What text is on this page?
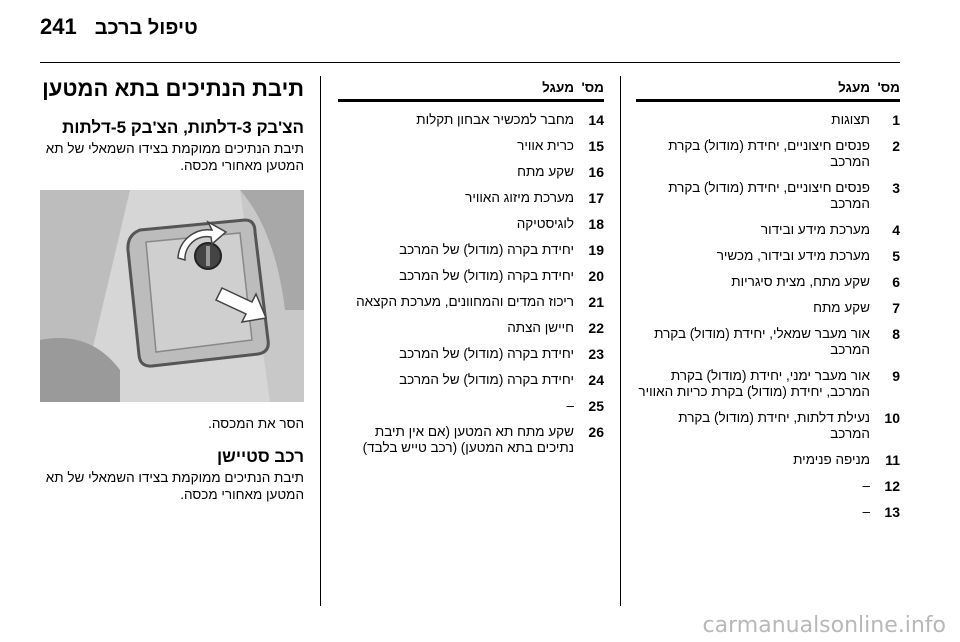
241 טיפול ברכב
מס'
מעגל
1
תצוגות
2
פנסים חיצוניים, יחידת (מודול) בקרת המרכב
3
פנסים חיצוניים, יחידת (מודול) בקרת המרכב
4
מערכת מידע ובידור
5
מערכת מידע ובידור, מכשיר
6
שקע מתח, מצית סיגריות
7
שקע מתח
8
אור מעבר שמאלי, יחידת (מודול) בקרת המרכב
9
אור מעבר ימני, יחידת (מודול) בקרת המרכב, יחידת (מודול) בקרת כריות האוויר
10
נעילת דלתות, יחידת (מודול) בקרת המרכב
11
מניפה פנימית
12
–
13
–
מס'
מעגל
14
מחבר למכשיר אבחון תקלות
15
כרית אוויר
16
שקע מתח
17
מערכת מיזוג האוויר
18
לוגיסטיקה
19
יחידת בקרה (מודול) של המרכב
20
יחידת בקרה (מודול) של המרכב
21
ריכוז המדים והמחוונים, מערכת הקצאה
22
חיישן הצתה
23
יחידת בקרה (מודול) של המרכב
24
יחידת בקרה (מודול) של המרכב
25
–
26
שקע מתח תא המטען (אם אין תיבת נתיכים בתא המטען) (רכב טייש בלבד)
תיבת הנתיכים בתא המטען
הצ'בק 3-דלתות, הצ'בק 5-דלתות
תיבת הנתיכים ממוקמת בצידו השמאלי של תא המטען מאחורי מכסה.
הסר את המכסה.
רכב סטיישן
תיבת הנתיכים ממוקמת בצידו השמאלי של תא המטען מאחורי מכסה.
carmanualsonline.info
